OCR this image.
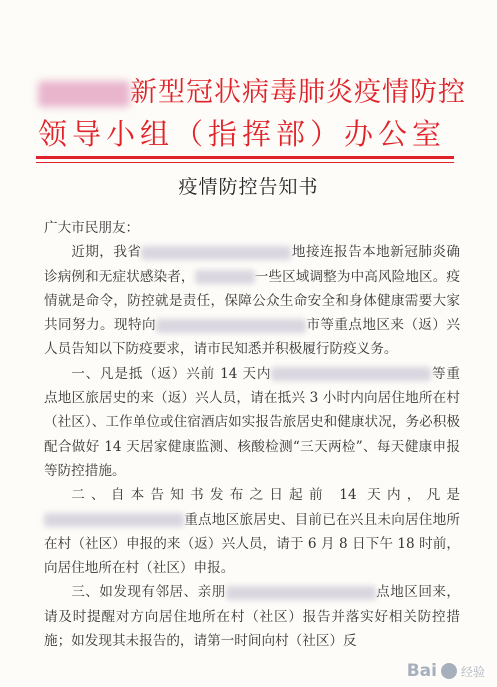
新型冠状病毒肺炎疫情防控
领导小组（指挥部）办公室
疫情防控告知书

广大市民朋友：

近期，我省	地接连报告本地新冠肺炎确诊病例和无症状感染者，	一些区域调整为中高风险地区。疫情就是命令，防控就是责任，保障公众生命安全和身体健康需要大家共同努力。现特向	市等重点地区来（返）兴人员告知以下防疫要求，请市民知悉并积极履行防疫义务。

一、凡是抵（返）兴前 14 天内	等重点地区旅居史的来（返）兴人员，请在抵兴 3 小时内向居住地所在村（社区）、工作单位或住宿酒店如实报告旅居史和健康状况，务必积极配合做好 14 天居家健康监测、核酸检测“三天两检”、每天健康申报等防控措施。

二、自本告知书发布之日起前 14 天内，凡是重点地区旅居史、目前已在兴且未向居住地所在村（社区）申报的来（返）兴人员，请于 6 月 8 日下午 18 时前，向居住地所在村（社区）申报。

三、如发现有邻居、亲朋	点地区回来，请及时提醒对方向居住地所在村（社区）报告并落实好相关防控措施；如发现其未报告的，请第一时间向村（社区）反

Bai 经验
